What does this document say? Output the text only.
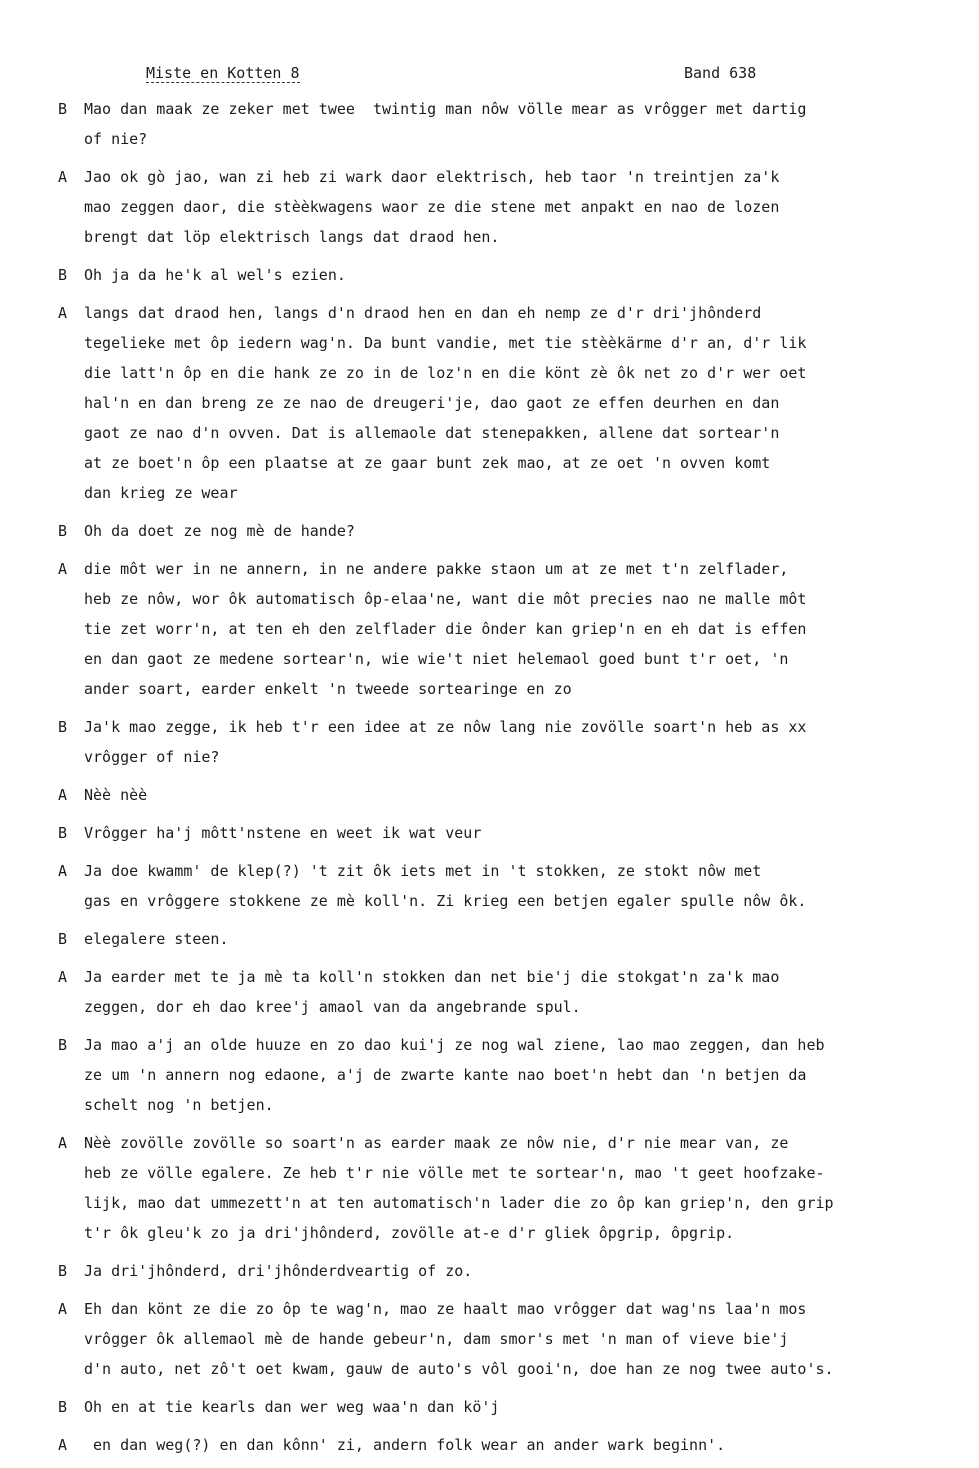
Miste en Kotten 8	Band 638
B	Mao dan maak ze zeker met twee  twintig man nôw völle mear as vrôgger met dartig
of nie?
A	Jao ok gò jao, wan zi heb zi wark daor elektrisch, heb taor 'n treintjen za'k
mao zeggen daor, die stèèkwagens waor ze die stene met anpakt en nao de lozen
brengt dat löp elektrisch langs dat draod hen.
B	Oh ja da he'k al wel's ezien.
A	langs dat draod hen, langs d'n draod hen en dan eh nemp ze d'r dri'jhônderd
tegelieke met ôp iedern wag'n. Da bunt vandie, met tie stèèkärme d'r an, d'r lik
die latt'n ôp en die hank ze zo in de loz'n en die könt zè ôk net zo d'r wer oet
hal'n en dan breng ze ze nao de dreugeri'je, dao gaot ze effen deurhen en dan
gaot ze nao d'n ovven. Dat is allemaole dat stenepakken, allene dat sortear'n
at ze boet'n ôp een plaatse at ze gaar bunt zek mao, at ze oet 'n ovven komt
dan krieg ze wear
B	Oh da doet ze nog mè de hande?
A	die môt wer in ne annern, in ne andere pakke staon um at ze met t'n zelflader,
heb ze nôw, wor ôk automatisch ôp-elaa'ne, want die môt precies nao ne malle môt
tie zet worr'n, at ten eh den zelflader die ônder kan griep'n en eh dat is effen
en dan gaot ze medene sortear'n, wie wie't niet helemaol goed bunt t'r oet, 'n
ander soart, earder enkelt 'n tweede sortearinge en zo
B	Ja'k mao zegge, ik heb t'r een idee at ze nôw lang nie zovölle soart'n heb as xx
vrôgger of nie?
A	Nèè nèè
B	Vrôgger ha'j môtt'nstene en weet ik wat veur
A	Ja doe kwamm' de klep(?) 't zit ôk iets met in 't stokken, ze stokt nôw met
gas en vrôggere stokkene ze mè koll'n. Zi krieg een betjen egaler spulle nôw ôk.
B	elegalere steen.
A	Ja earder met te ja mè ta koll'n stokken dan net bie'j die stokgat'n za'k mao
zeggen, dor eh dao kree'j amaol van da angebrande spul.
B	Ja mao a'j an olde huuze en zo dao kui'j ze nog wal ziene, lao mao zeggen, dan heb
ze um 'n annern nog edaone, a'j de zwarte kante nao boet'n hebt dan 'n betjen da
schelt nog 'n betjen.
A	Nèè zovölle zovölle so soart'n as earder maak ze nôw nie, d'r nie mear van, ze
heb ze völle egalere. Ze heb t'r nie völle met te sortear'n, mao 't geet hoofzake-
lijk, mao dat ummezett'n at ten automatisch'n lader die zo ôp kan griep'n, den grip
t'r ôk gleu'k zo ja dri'jhônderd, zovölle at-e d'r gliek ôpgrip, ôpgrip.
B	Ja dri'jhônderd, dri'jhônderdveartig of zo.
A	Eh dan könt ze die zo ôp te wag'n, mao ze haalt mao vrôgger dat wag'ns laa'n mos
vrôgger ôk allemaol mè de hande gebeur'n, dam smor's met 'n man of vieve bie'j
d'n auto, net zô't oet kwam, gauw de auto's vôl gooi'n, doe han ze nog twee auto's.
B	Oh en at tie kearls dan wer weg waa'n dan kö'j
A	en dan weg(?) en dan kônn' zi, andern folk wear an ander wark beginn'.
